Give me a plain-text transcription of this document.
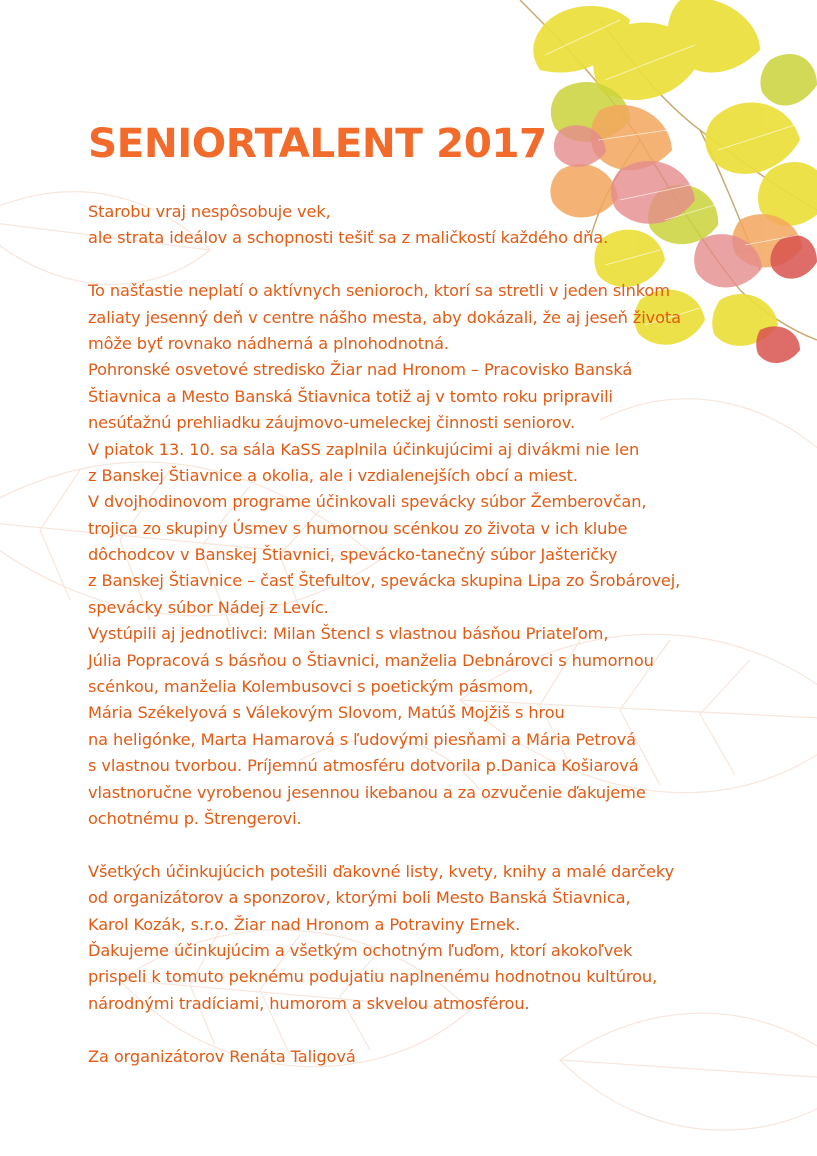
SENIORTALENT 2017
Starobu vraj nespôsobuje vek,
ale strata ideálov a schopnosti tešiť sa z maličkostí každého dňa.
To našťastie neplatí o aktívnych senioroch, ktorí sa stretli v jeden slnkom
zaliaty jesenný deň v centre nášho mesta, aby dokázali, že aj jeseň života
môže byť rovnako nádherná a plnohodnotná.
Pohronské osvetové stredisko Žiar nad Hronom – Pracovisko Banská
Štiavnica a Mesto Banská Štiavnica totiž aj v tomto roku pripravili
nesúťažnú prehliadku záujmovo-umeleckej činnosti seniorov.
V piatok 13. 10. sa sála KaSS zaplnila účinkujúcimi aj divákmi nie len
z Banskej Štiavnice a okolia, ale i vzdialenejších obcí a miest.
V dvojhodinovom programe účinkovali spevácky súbor Žemberovčan,
trojica zo skupiny Úsmev s humornou scénkou zo života v ich klube
dôchodcov v Banskej Štiavnici, spevácko-tanečný súbor Jašteričky
z Banskej Štiavnice – časť Štefultov, spevácka skupina Lipa zo Šrobárovej,
spevácky súbor Nádej z Levíc.
Vystúpili aj jednotlivci: Milan Štencl s vlastnou básňou Priateľom,
Júlia Popracová s básňou o Štiavnici, manželia Debnárovci s humornou
scénkou, manželia Kolembusovci s poetickým pásmom,
Mária Székelyová s Válekovým Slovom, Matúš Mojžiš s hrou
na heligónke, Marta Hamarová s ľudovými piesňami a Mária Petrová
s vlastnou tvorbou. Príjemnú atmosféru dotvorila p.Danica Košiarová
vlastnoručne vyrobenou jesennou ikebanou a za ozvučenie ďakujeme
ochotnému p. Štrengerovi.
Všetkých účinkujúcich potešili ďakovné listy, kvety, knihy a malé darčeky
od organizátorov a sponzorov, ktorými boli Mesto Banská Štiavnica,
Karol Kozák, s.r.o. Žiar nad Hronom a Potraviny Ernek.
Ďakujeme účinkujúcim a všetkým ochotným ľuďom, ktorí akokoľvek
prispeli k tomuto peknému podujatiu naplnenému hodnotnou kultúrou,
národnými tradíciami, humorom a skvelou atmosférou.
Za organizátorov Renáta Taligová
